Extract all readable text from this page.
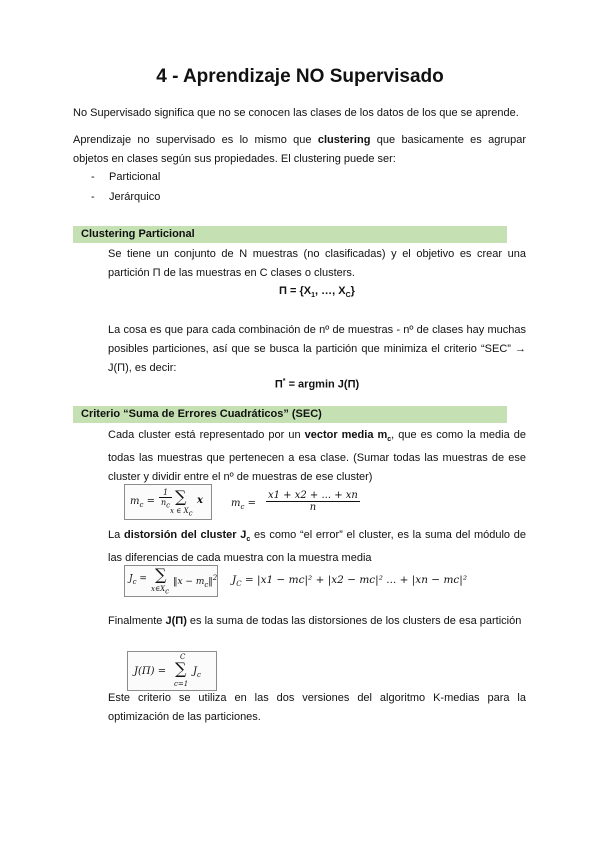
4 - Aprendizaje NO Supervisado

No Supervisado significa que no se conocen las clases de los datos de los que se aprende.

Aprendizaje no supervisado es lo mismo que clustering que basicamente es agrupar objetos en clases según sus propiedades. El clustering puede ser:

- Particional
- Jerárquico
Clustering Particional

Se tiene un conjunto de N muestras (no clasificadas) y el objetivo es crear una partición Π de las muestras en C clases o clusters.

$\Pi = \{X_1$, …, $X_C$}

La cosa es que para cada combinación de nº de muestras - nº de clases hay muchas posibles particiones, así que se busca la partición que minimiza el criterio “SEC” → J(Π), es decir:

Π* = argmin J(Π)
Criterio “Suma de Errores Cuadráticos” (SEC)

Cada cluster está representado por un vector media $m_c$, que es como la media de todas las muestras que pertenecen a esa clase. (Sumar todas las muestras de ese cluster y dividir entre el nº de muestras de ese cluster)

$m_c = \frac{1}{n_c}$ ∑
x ∈ $X_c$
x	$m_c = \frac{x1 + x2 + ... + xn}{n}$

La distorsión del cluster $J_c$ es como “el error” el cluster, es la suma del módulo de las diferencias de cada muestra con la muestra media

$J_c$ = ∑
$x\in X_c$
‖x − $m_c‖^2$ $J_C = |x1 - mc|^2 + |x2 - mc|^2$ ... + |xn − mc|²

Finalmente J(Π) es la suma de todas las distorsiones de los clusters de esa partición

J(Π) =
C
∑
c=1
$J_c$

Este criterio se utiliza en las dos versiones del algoritmo K-medias para la optimización de las particiones.
